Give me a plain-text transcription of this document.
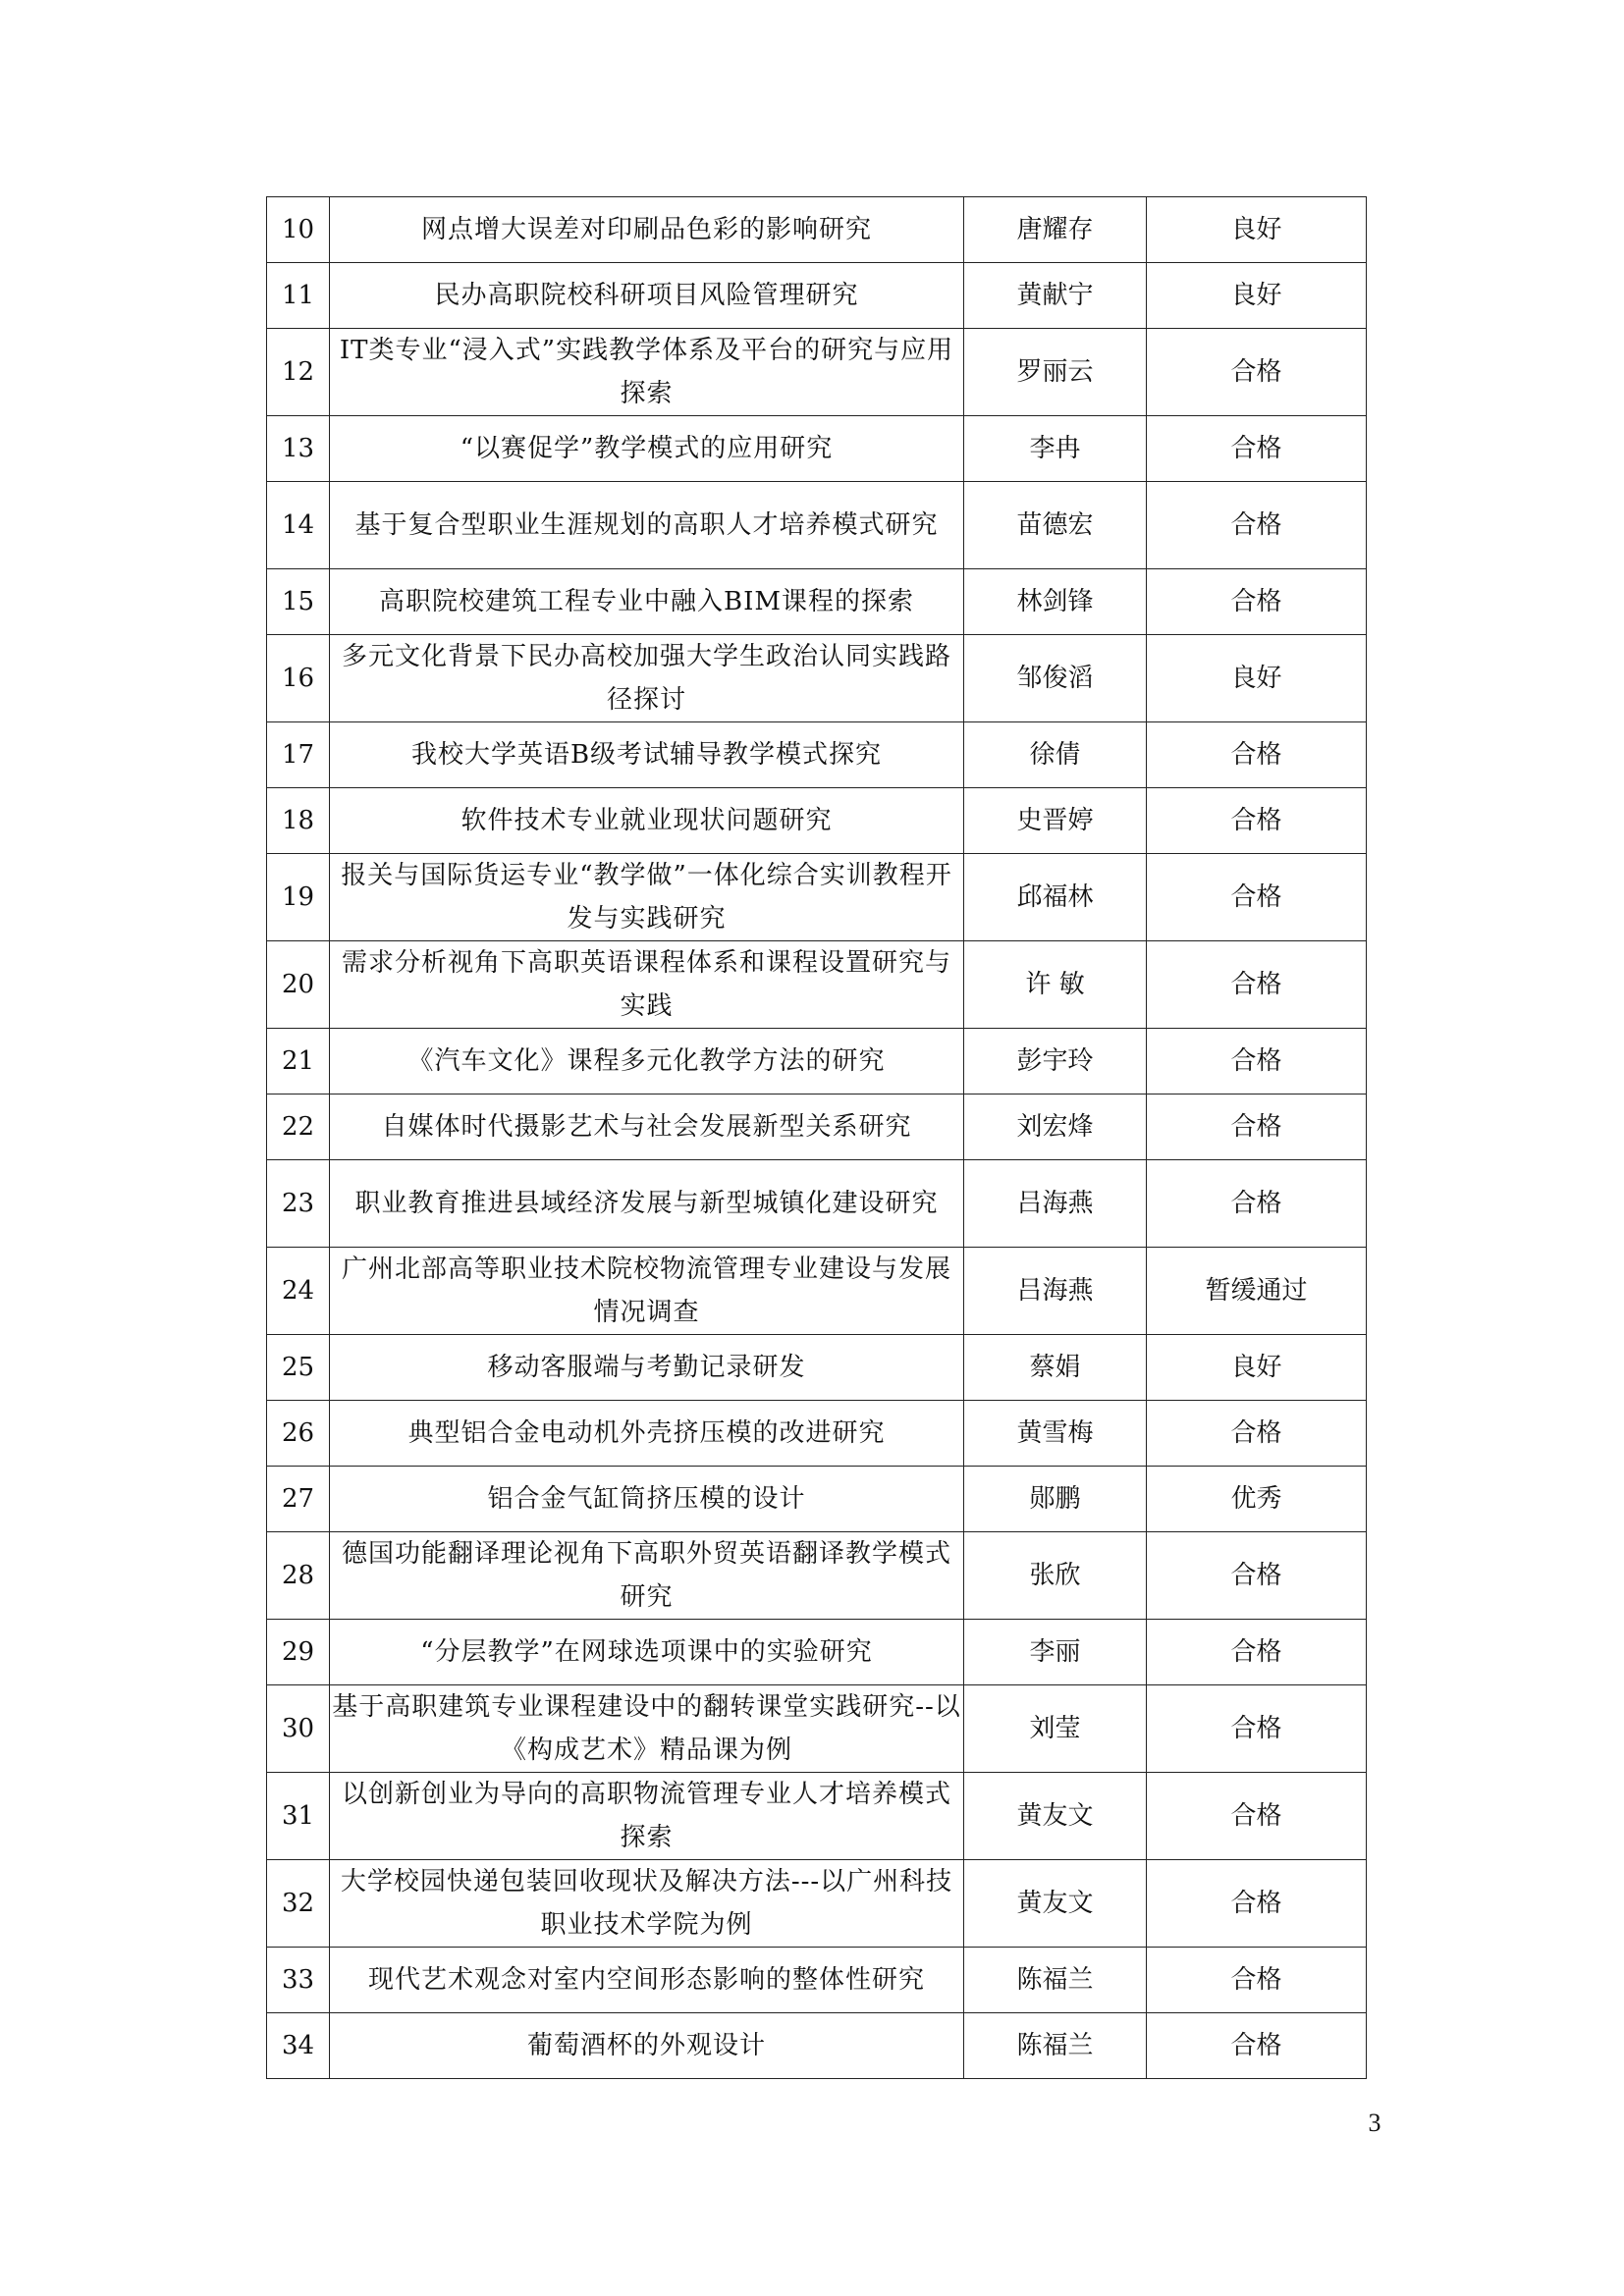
10	网点增大误差对印刷品色彩的影响研究	唐耀存	良好
11	民办高职院校科研项目风险管理研究	黄献宁	良好
12	IT类专业“浸入式”实践教学体系及平台的研究与应用探索	罗丽云	合格
13	“以赛促学”教学模式的应用研究	李冉	合格
14	基于复合型职业生涯规划的高职人才培养模式研究	苗德宏	合格
15	高职院校建筑工程专业中融入BIM课程的探索	林剑锋	合格
16	多元文化背景下民办高校加强大学生政治认同实践路径探讨	邹俊滔	良好
17	我校大学英语B级考试辅导教学模式探究	徐倩	合格
18	软件技术专业就业现状问题研究	史晋婷	合格
19	报关与国际货运专业“教学做”一体化综合实训教程开发与实践研究	邱福林	合格
20	需求分析视角下高职英语课程体系和课程设置研究与实践	许 敏	合格
21	《汽车文化》课程多元化教学方法的研究	彭宇玲	合格
22	自媒体时代摄影艺术与社会发展新型关系研究	刘宏烽	合格
23	职业教育推进县域经济发展与新型城镇化建设研究	吕海燕	合格
24	广州北部高等职业技术院校物流管理专业建设与发展情况调查	吕海燕	暂缓通过
25	移动客服端与考勤记录研发	蔡娟	良好
26	典型铝合金电动机外壳挤压模的改进研究	黄雪梅	合格
27	铝合金气缸筒挤压模的设计	郧鹏	优秀
28	德国功能翻译理论视角下高职外贸英语翻译教学模式研究	张欣	合格
29	“分层教学”在网球选项课中的实验研究	李丽	合格
30	基于高职建筑专业课程建设中的翻转课堂实践研究--以《构成艺术》精品课为例	刘莹	合格
31	以创新创业为导向的高职物流管理专业人才培养模式探索	黄友文	合格
32	大学校园快递包装回收现状及解决方法---以广州科技职业技术学院为例	黄友文	合格
33	现代艺术观念对室内空间形态影响的整体性研究	陈福兰	合格
34	葡萄酒杯的外观设计	陈福兰	合格
3
